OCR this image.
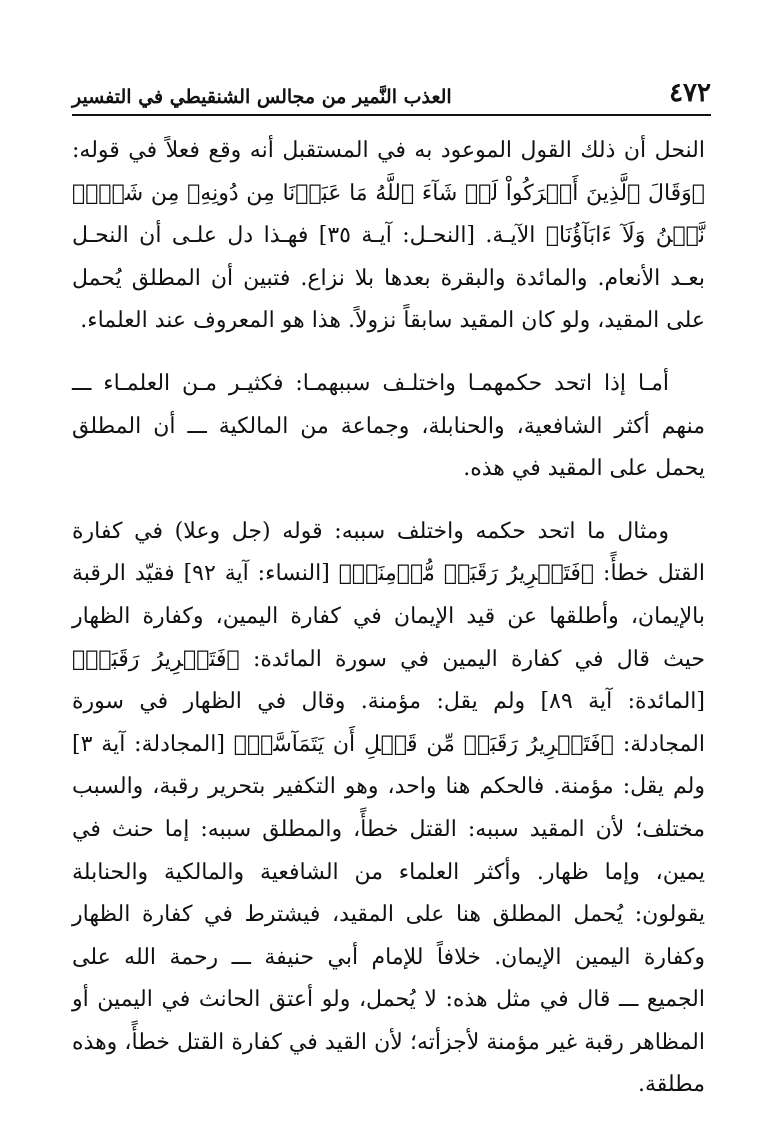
٤٧٢
العذب النَّمير من مجالس الشنقيطي في التفسير

النحل أن ذلك القول الموعود به في المستقبل أنه وقع فعلاً في قوله: ﴿وَقَالَ ٱلَّذِينَ أَشۡرَكُواْ لَوۡ شَآءَ ٱللَّهُ مَا عَبَدۡنَا مِن دُونِهِۦ مِن شَيۡءٖ نَّحۡنُ وَلَآ ءَابَآؤُنَا﴾ الآيـة. [النحـل: آيـة ٣٥] فهـذا دل علـى أن النحـل بعـد الأنعام. والمائدة والبقرة بعدها بلا نزاع. فتبين أن المطلق يُحمل على المقيد، ولو كان المقيد سابقاً نزولاً. هذا هو المعروف عند العلماء.

أمـا إذا اتحد حكمهمـا واختلـف سببهمـا: فكثيـر مـن العلمـاء ـــ منهم أكثر الشافعية، والحنابلة، وجماعة من المالكية ـــ أن المطلق يحمل على المقيد في هذه.

ومثال ما اتحد حكمه واختلف سببه: قوله (جل وعلا) في كفارة القتل خطأً: ﴿فَتَحۡرِيرُ رَقَبَةٖ مُّؤۡمِنَةٖ﴾ [النساء: آية ٩٢] فقيّد الرقبة بالإيمان، وأطلقها عن قيد الإيمان في كفارة اليمين، وكفارة الظهار حيث قال في كفارة اليمين في سورة المائدة: ﴿فَتَحۡرِيرُ رَقَبَةٖ﴾ [المائدة: آية ٨٩] ولم يقل: مؤمنة. وقال في الظهار في سورة المجادلة: ﴿فَتَحۡرِيرُ رَقَبَةٖ مِّن قَبۡلِ أَن يَتَمَآسَّاۚ﴾ [المجادلة: آية ٣] ولم يقل: مؤمنة. فالحكم هنا واحد، وهو التكفير بتحرير رقبة، والسبب مختلف؛ لأن المقيد سببه: القتل خطأً، والمطلق سببه: إما حنث في يمين، وإما ظهار. وأكثر العلماء من الشافعية والمالكية والحنابلة يقولون: يُحمل المطلق هنا على المقيد، فيشترط في كفارة الظهار وكفارة اليمين الإيمان. خلافاً للإمام أبي حنيفة ـــ رحمة الله على الجميع ـــ قال في مثل هذه: لا يُحمل، ولو أعتق الحانث في اليمين أو المظاهر رقبة غير مؤمنة لأجزأته؛ لأن القيد في كفارة القتل خطأً، وهذه مطلقة.
